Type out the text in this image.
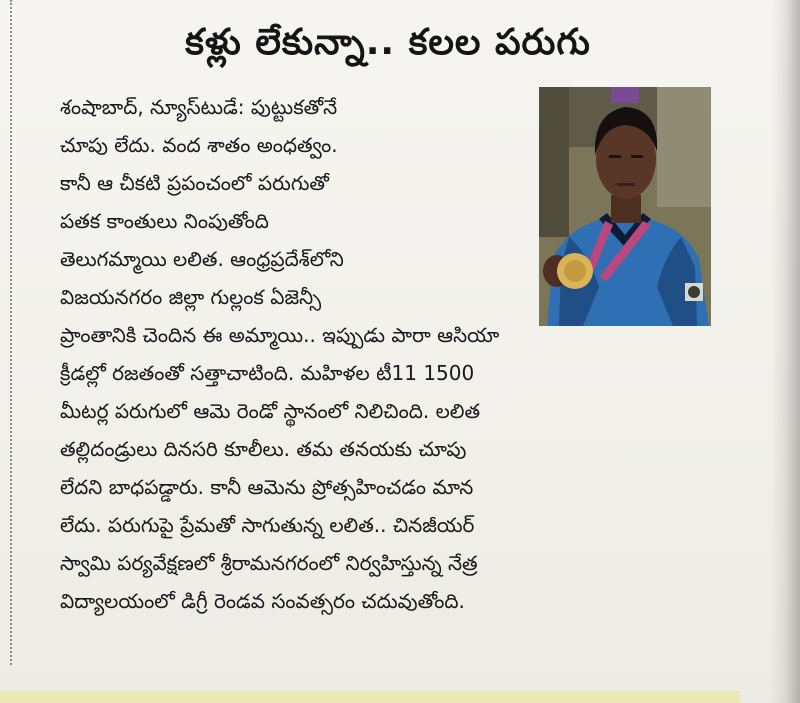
కళ్లు లేకున్నా.. కలల పరుగు
శంషాబాద్, న్యూస్‌టుడే: పుట్టుకతోనే
చూపు లేదు. వంద శాతం అంధత్వం.
కానీ ఆ చీకటి ప్రపంచంలో పరుగుతో
పతక కాంతులు నింపుతోంది
తెలుగమ్మాయి లలిత. ఆంధ్రప్రదేశ్‌లోని
విజయనగరం జిల్లా గుల్లంక ఏజెన్సీ
ప్రాంతానికి చెందిన ఈ అమ్మాయి.. ఇప్పుడు పారా ఆసియా
క్రీడల్లో రజతంతో సత్తాచాటింది. మహిళల టీ11 1500
మీటర్ల పరుగులో ఆమె రెండో స్థానంలో నిలిచింది. లలిత
తల్లిదండ్రులు దినసరి కూలీలు. తమ తనయకు చూపు
లేదని బాధపడ్డారు. కానీ ఆమెను ప్రోత్సహించడం మాన
లేదు. పరుగుపై ప్రేమతో సాగుతున్న లలిత.. చినజీయర్
స్వామి పర్యవేక్షణలో శ్రీరామనగరంలో నిర్వహిస్తున్న నేత్ర
విద్యాలయంలో డిగ్రీ రెండవ సంవత్సరం చదువుతోంది.
